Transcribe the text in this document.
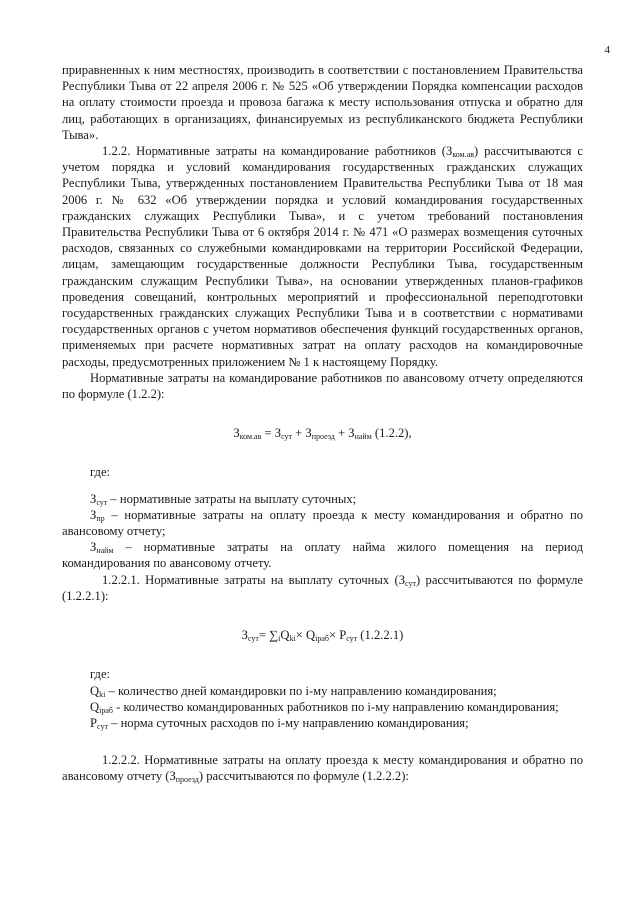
4

приравненных к ним местностях, производить в соответствии с постановлением Правительства Республики Тыва от 22 апреля 2006 г. № 525 «Об утверждении Порядка компенсации расходов на оплату стоимости проезда и провоза багажа к месту использования отпуска и обратно для лиц, работающих в организациях, финансируемых из республиканского бюджета Республики Тыва».

1.2.2. Нормативные затраты на командирование работников $(З_{ком.ав})$ рассчитываются с учетом порядка и условий командирования государственных гражданских служащих Республики Тыва, утвержденных постановлением Правительства Республики Тыва от 18 мая 2006 г. № 632 «Об утверждении порядка и условий командирования государственных гражданских служащих Республики Тыва», и с учетом требований постановления Правительства Республики Тыва от 6 октября 2014 г. № 471 «О размерах возмещения суточных расходов, связанных со служебными командировками на территории Российской Федерации, лицам, замещающим государственные должности Республики Тыва, государственным гражданским служащим Республики Тыва», на основании утвержденных планов-графиков проведения совещаний, контрольных мероприятий и профессиональной переподготовки государственных гражданских служащих Республики Тыва и в соответствии с нормативами государственных органов с учетом нормативов обеспечения функций государственных органов, применяемых при расчете нормативных затрат на оплату расходов на командировочные расходы, предусмотренных приложением № 1 к настоящему Порядку.

Нормативные затраты на командирование работников по авансовому отчету определяются по формуле (1.2.2):

$З_{ком.ав} = З_{сут} + З_{проезд} + З_{найм}$ (1.2.2),

где:

$З_{сут}$ – нормативные затраты на выплату суточных;

$З_{пр}$ – нормативные затраты на оплату проезда к месту командирования и обратно по авансовому отчету;

$З_{найм}$ – нормативные затраты на оплату найма жилого помещения на период командирования по авансовому отчету.

1.2.2.1. Нормативные затраты на выплату суточных $(З_{сут})$ рассчитываются по формуле (1.2.2.1):

$З_{сут}= \sum_iQ_{ki}\times Q_{iраб}\times P_{сут}$ (1.2.2.1)

где:

$Q_{ki}$ – количество дней командировки по i-му направлению командирования;

$Q_{iраб}$ - количество командированных работников по i-му направлению командирования;

$P_{сут}$ – норма суточных расходов по i-му направлению командирования;

1.2.2.2. Нормативные затраты на оплату проезда к месту командирования и обратно по авансовому отчету $(З_{проезд})$ рассчитываются по формуле (1.2.2.2):
